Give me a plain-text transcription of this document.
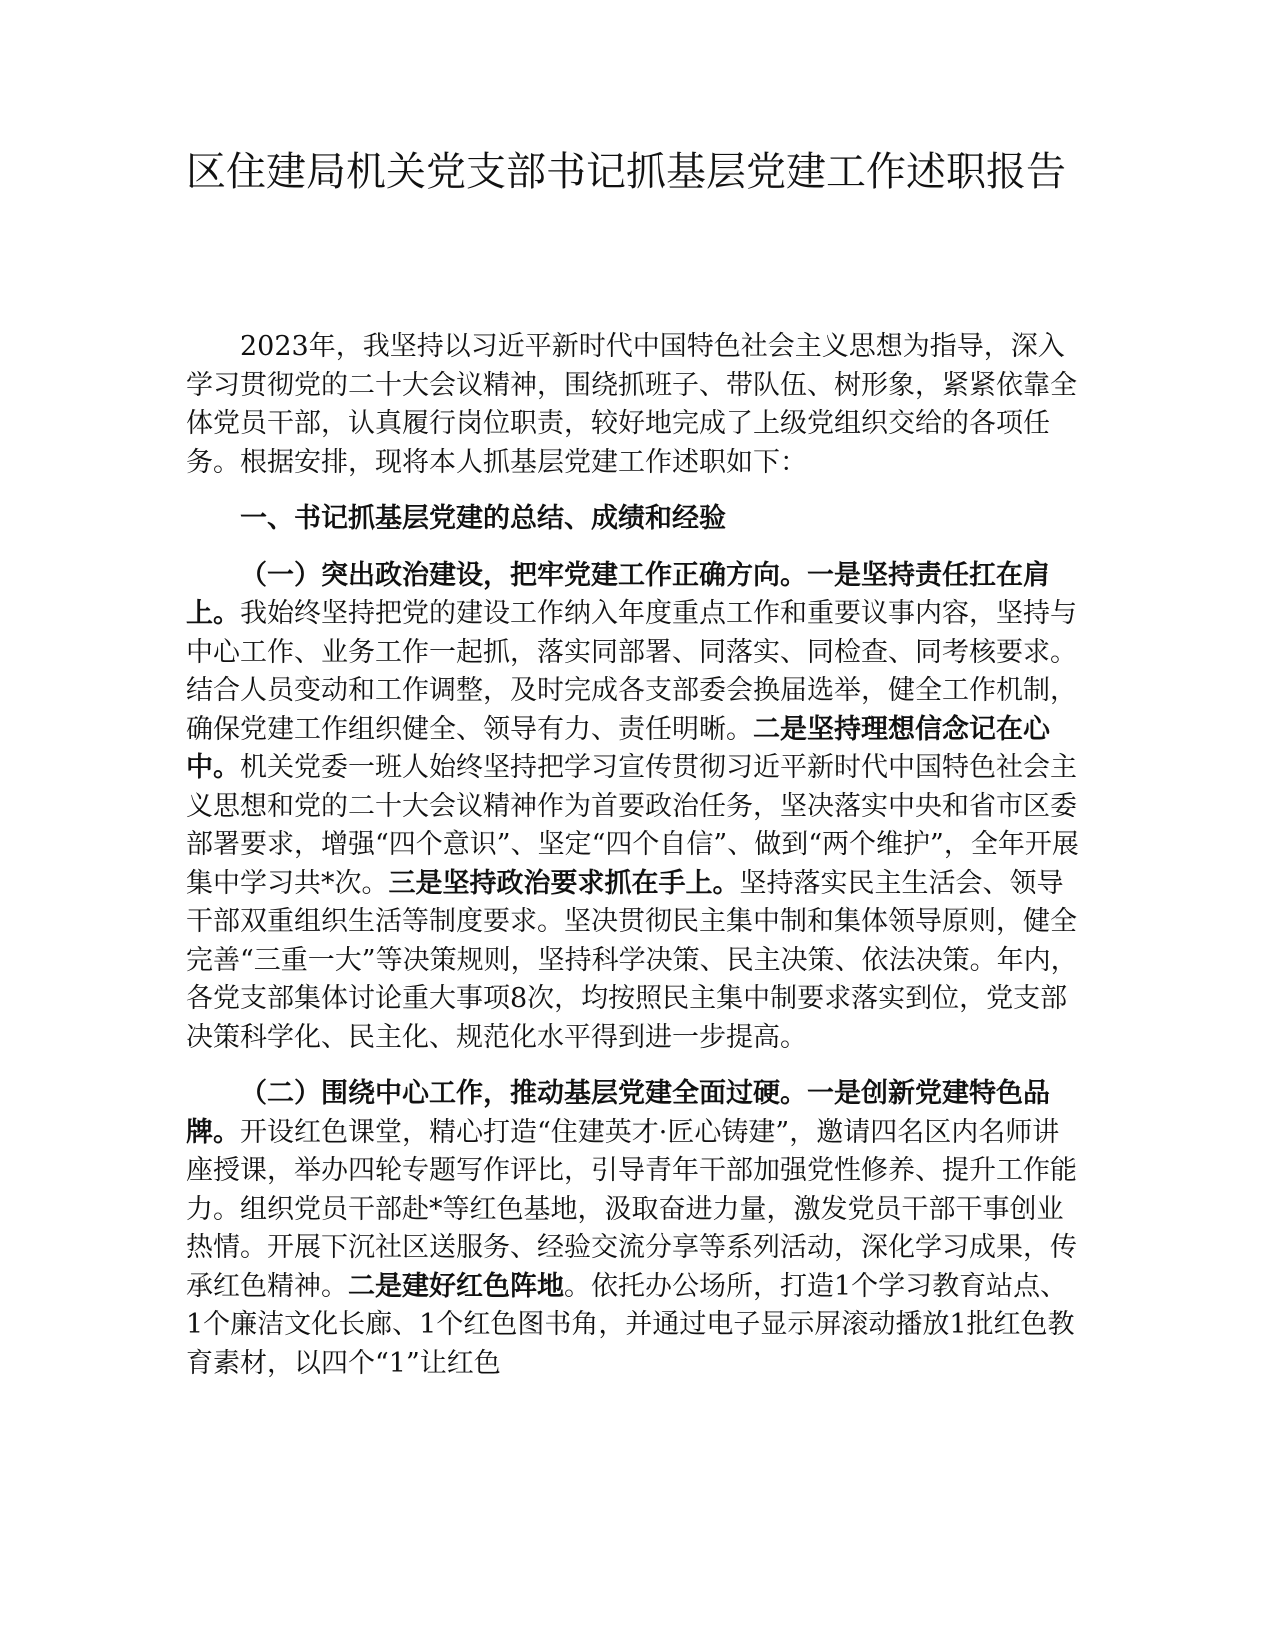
区住建局机关党支部书记抓基层党建工作述职报告

2023年，我坚持以习近平新时代中国特色社会主义思想为指导，深入学习贯彻党的二十大会议精神，围绕抓班子、带队伍、树形象，紧紧依靠全体党员干部，认真履行岗位职责，较好地完成了上级党组织交给的各项任务。根据安排，现将本人抓基层党建工作述职如下：

一、书记抓基层党建的总结、成绩和经验

（一）突出政治建设，把牢党建工作正确方向。一是坚持责任扛在肩上。我始终坚持把党的建设工作纳入年度重点工作和重要议事内容，坚持与中心工作、业务工作一起抓，落实同部署、同落实、同检查、同考核要求。结合人员变动和工作调整，及时完成各支部委会换届选举，健全工作机制，确保党建工作组织健全、领导有力、责任明晰。二是坚持理想信念记在心中。机关党委一班人始终坚持把学习宣传贯彻习近平新时代中国特色社会主义思想和党的二十大会议精神作为首要政治任务，坚决落实中央和省市区委部署要求，增强“四个意识”、坚定“四个自信”、做到“两个维护”，全年开展集中学习共*次。三是坚持政治要求抓在手上。坚持落实民主生活会、领导干部双重组织生活等制度要求。坚决贯彻民主集中制和集体领导原则，健全完善“三重一大”等决策规则，坚持科学决策、民主决策、依法决策。年内，各党支部集体讨论重大事项8次，均按照民主集中制要求落实到位，党支部决策科学化、民主化、规范化水平得到进一步提高。

（二）围绕中心工作，推动基层党建全面过硬。一是创新党建特色品牌。开设红色课堂，精心打造“住建英才·匠心铸建”，邀请四名区内名师讲座授课，举办四轮专题写作评比，引导青年干部加强党性修养、提升工作能力。组织党员干部赴*等红色基地，汲取奋进力量，激发党员干部干事创业热情。开展下沉社区送服务、经验交流分享等系列活动，深化学习成果，传承红色精神。二是建好红色阵地。依托办公场所，打造1个学习教育站点、1个廉洁文化长廊、1个红色图书角，并通过电子显示屏滚动播放1批红色教育素材，以四个“1”让红色
